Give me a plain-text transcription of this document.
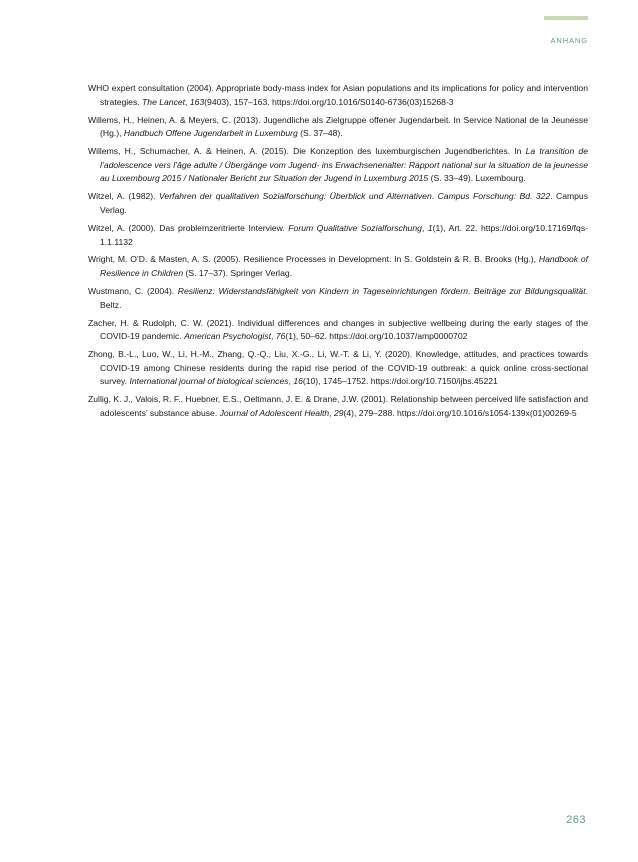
ANHANG

WHO expert consultation (2004). Appropriate body-mass index for Asian populations and its implications for policy and intervention strategies. The Lancet, 163(9403), 157–163. https://doi.org/10.1016/S0140-6736(03)15268-3

Willems, H., Heinen, A. & Meyers, C. (2013). Jugendliche als Zielgruppe offener Jugendarbeit. In Service National de la Jeunesse (Hg.), Handbuch Offene Jugendarbeit in Luxemburg (S. 37–48).

Willems, H., Schumacher, A. & Heinen, A. (2015). Die Konzeption des luxemburgischen Jugendberichtes. In La transition de l’adolescence vers l’âge adulte / Übergänge vom Jugend- ins Erwachsenenalter: Rapport national sur la situation de la jeunesse au Luxembourg 2015 / Nationaler Bericht zur Situation der Jugend in Luxemburg 2015 (S. 33–49). Luxembourg.

Witzel, A. (1982). Verfahren der qualitativen Sozialforschung: Überblick und Alternativen. Campus Forschung: Bd. 322. Campus Verlag.

Witzel, A. (2000). Das problemzentrierte Interview. Forum Qualitative Sozialforschung, 1(1), Art. 22. https://doi.org/10.17169/fqs-1.1.1132

Wright, M. O’D. & Masten, A. S. (2005). Resilience Processes in Development. In S. Goldstein & R. B. Brooks (Hg.), Handbook of Resilience in Children (S. 17–37). Springer Verlag.

Wustmann, C. (2004). Resilienz: Widerstandsfähigkeit von Kindern in Tageseinrichtungen fördern. Beiträge zur Bildungsqualität. Beltz.

Zacher, H. & Rudolph, C. W. (2021). Individual differences and changes in subjective wellbeing during the early stages of the COVID-19 pandemic. American Psychologist, 76(1), 50–62. https://doi.org/10.1037/amp0000702

Zhong, B.-L., Luo, W., Li, H.-M., Zhang, Q.-Q., Liu, X.-G., Li, W.-T. & Li, Y. (2020). Knowledge, attitudes, and practices towards COVID-19 among Chinese residents during the rapid rise period of the COVID-19 outbreak: a quick online cross-sectional survey. International journal of biological sciences, 16(10), 1745–1752. https://doi.org/10.7150/ijbs.45221

Zullig, K. J., Valois, R. F., Huebner, E.S., Oeltmann, J. E. & Drane, J.W. (2001). Relationship between perceived life satisfaction and adolescents’ substance abuse. Journal of Adolescent Health, 29(4), 279–288. https://doi.org/10.1016/s1054-139x(01)00269-5

263
